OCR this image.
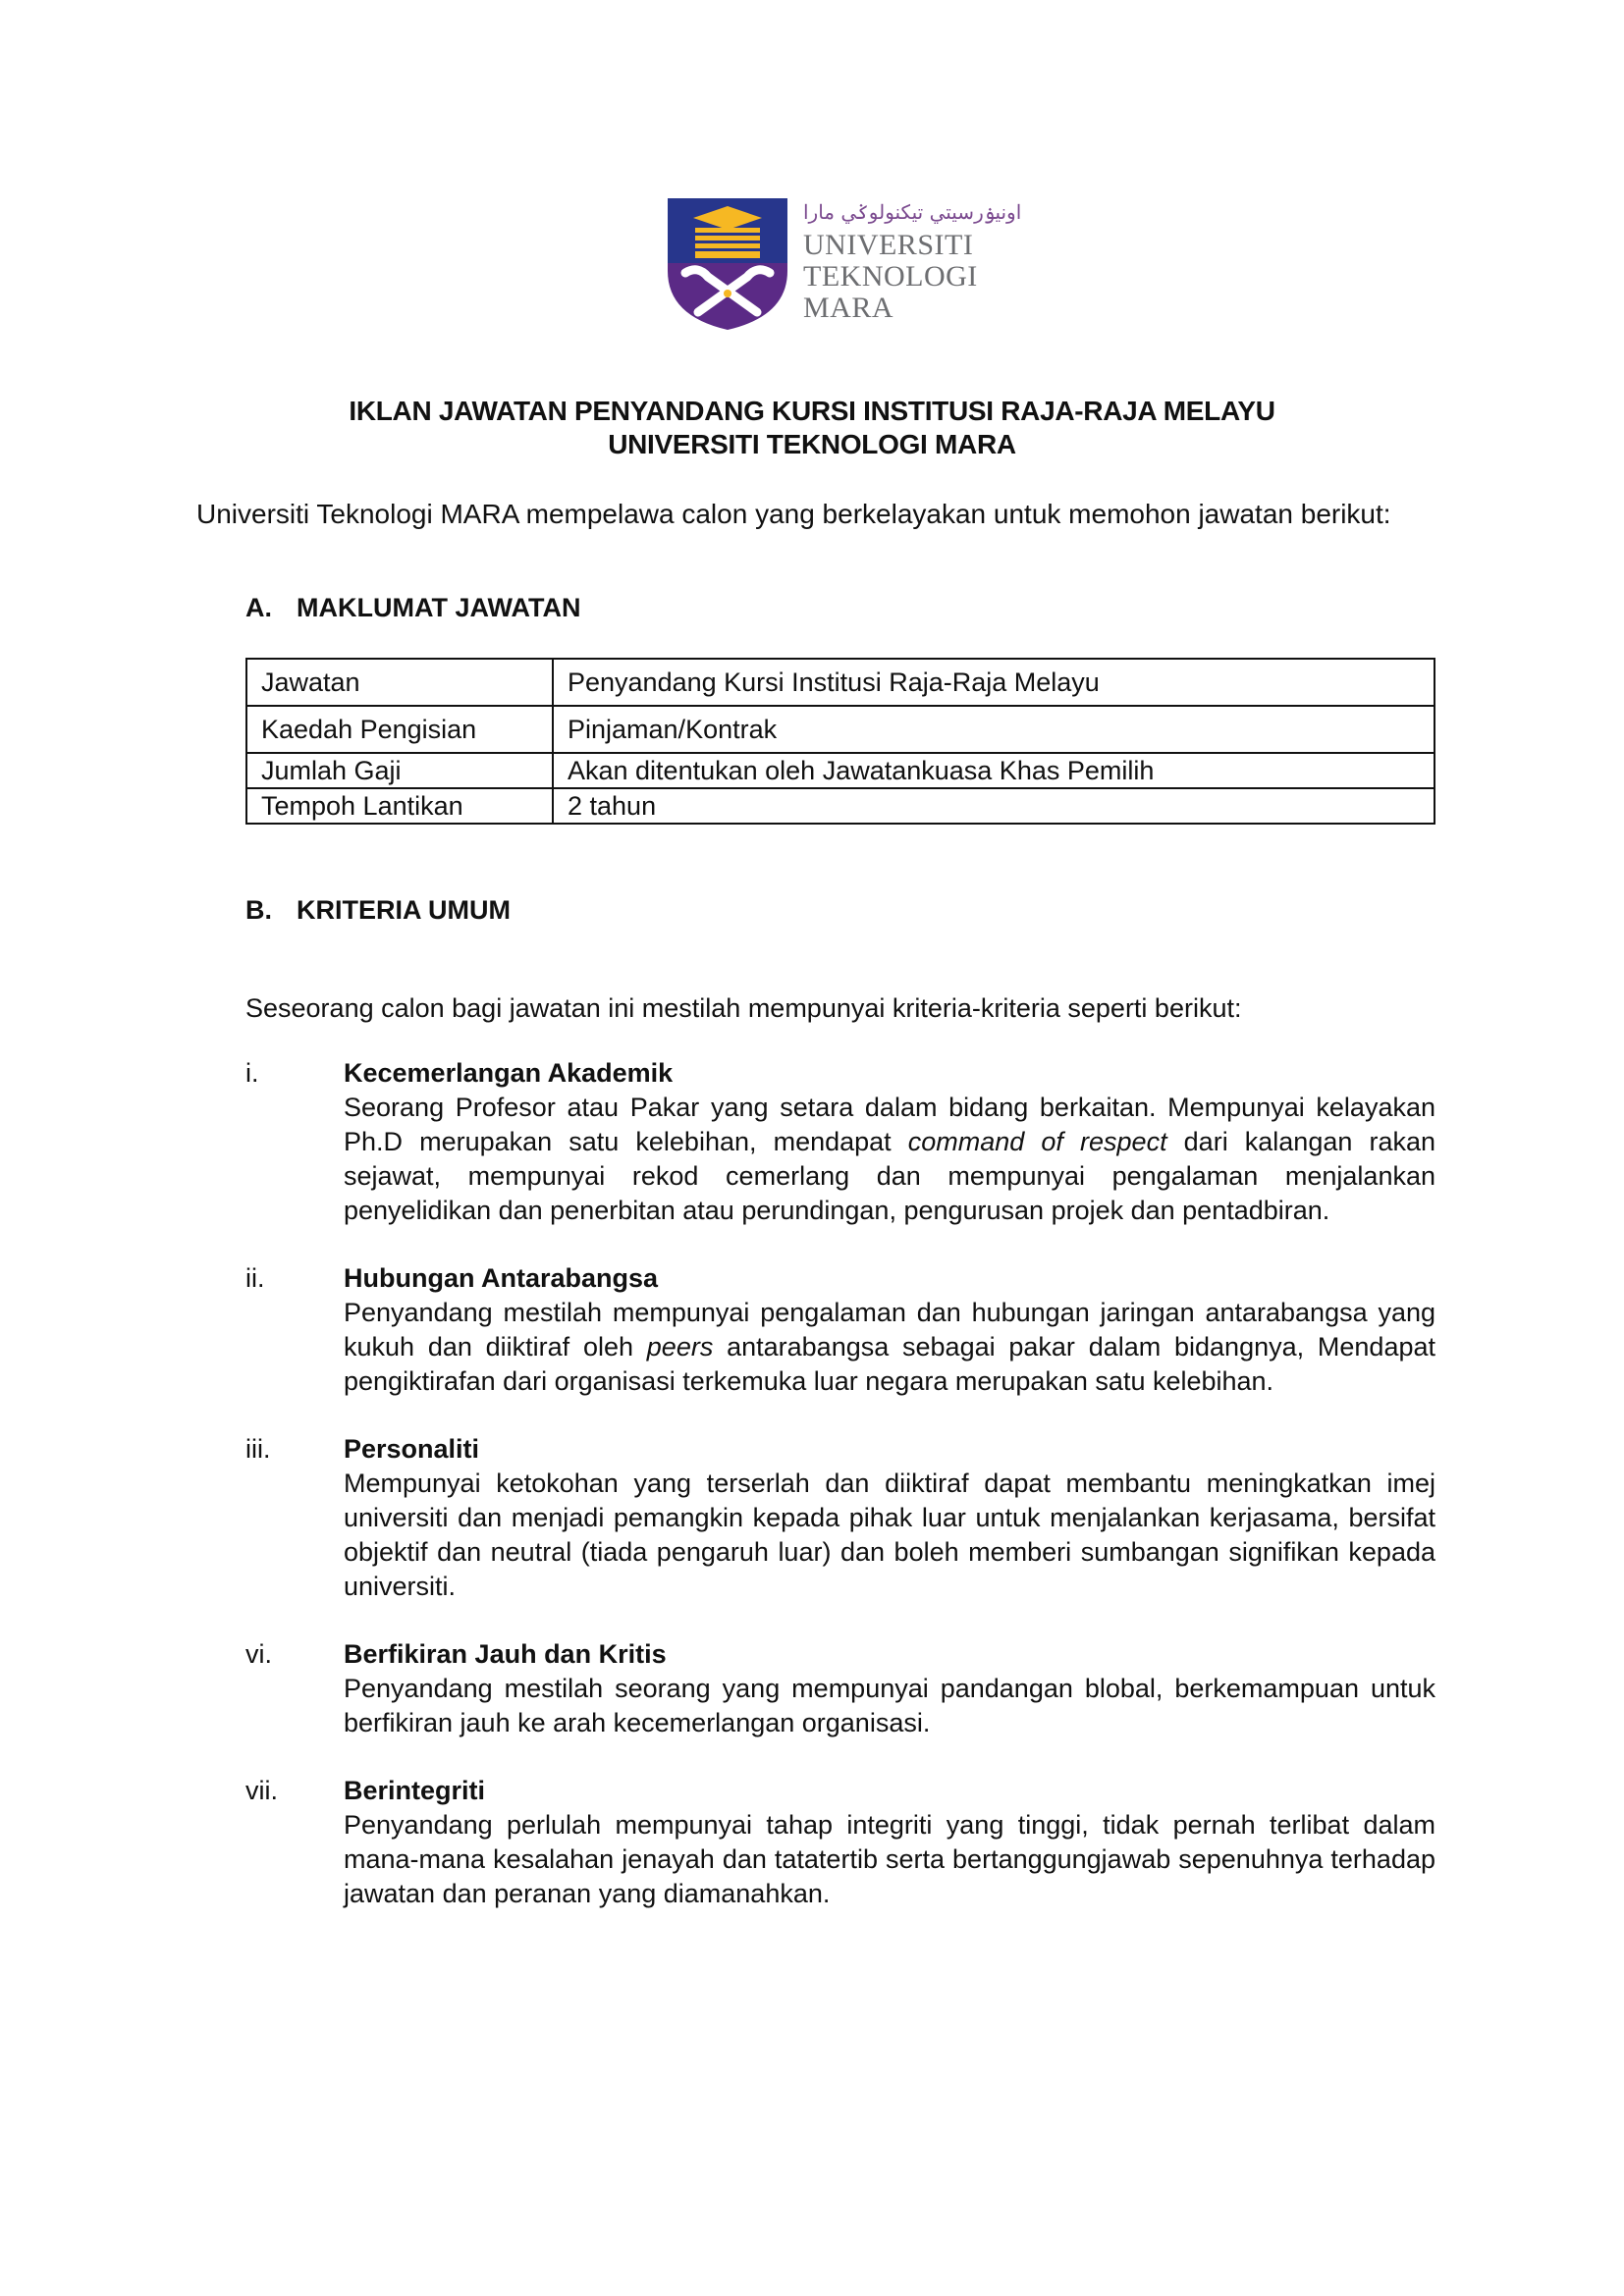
اونيۏرسيتي تيكنولوݢي مارا
UNIVERSITI
TEKNOLOGI
MARA
IKLAN JAWATAN PENYANDANG KURSI INSTITUSI RAJA-RAJA MELAYU
UNIVERSITI TEKNOLOGI MARA
Universiti Teknologi MARA mempelawa calon yang berkelayakan untuk memohon jawatan berikut:
A. MAKLUMAT JAWATAN
Jawatan	Penyandang Kursi Institusi Raja-Raja Melayu
Kaedah Pengisian	Pinjaman/Kontrak
Jumlah Gaji	Akan ditentukan oleh Jawatankuasa Khas Pemilih
Tempoh Lantikan	2 tahun
B. KRITERIA UMUM
Seseorang calon bagi jawatan ini mestilah mempunyai kriteria-kriteria seperti berikut:
i.	Kecemerlangan Akademik
Seorang Profesor atau Pakar yang setara dalam bidang berkaitan. Mempunyai kelayakan Ph.D merupakan satu kelebihan, mendapat command of respect dari kalangan rakan sejawat, mempunyai rekod cemerlang dan mempunyai pengalaman menjalankan penyelidikan dan penerbitan atau perundingan, pengurusan projek dan pentadbiran.
ii.	Hubungan Antarabangsa
Penyandang mestilah mempunyai pengalaman dan hubungan jaringan antarabangsa yang kukuh dan diiktiraf oleh peers antarabangsa sebagai pakar dalam bidangnya, Mendapat pengiktirafan dari organisasi terkemuka luar negara merupakan satu kelebihan.
iii.	Personaliti
Mempunyai ketokohan yang terserlah dan diiktiraf dapat membantu meningkatkan imej universiti dan menjadi pemangkin kepada pihak luar untuk menjalankan kerjasama, bersifat objektif dan neutral (tiada pengaruh luar) dan boleh memberi sumbangan signifikan kepada universiti.
vi.	Berfikiran Jauh dan Kritis
Penyandang mestilah seorang yang mempunyai pandangan blobal, berkemampuan untuk berfikiran jauh ke arah kecemerlangan organisasi.
vii.	Berintegriti
Penyandang perlulah mempunyai tahap integriti yang tinggi, tidak pernah terlibat dalam mana-mana kesalahan jenayah dan tatatertib serta bertanggungjawab sepenuhnya terhadap jawatan dan peranan yang diamanahkan.
